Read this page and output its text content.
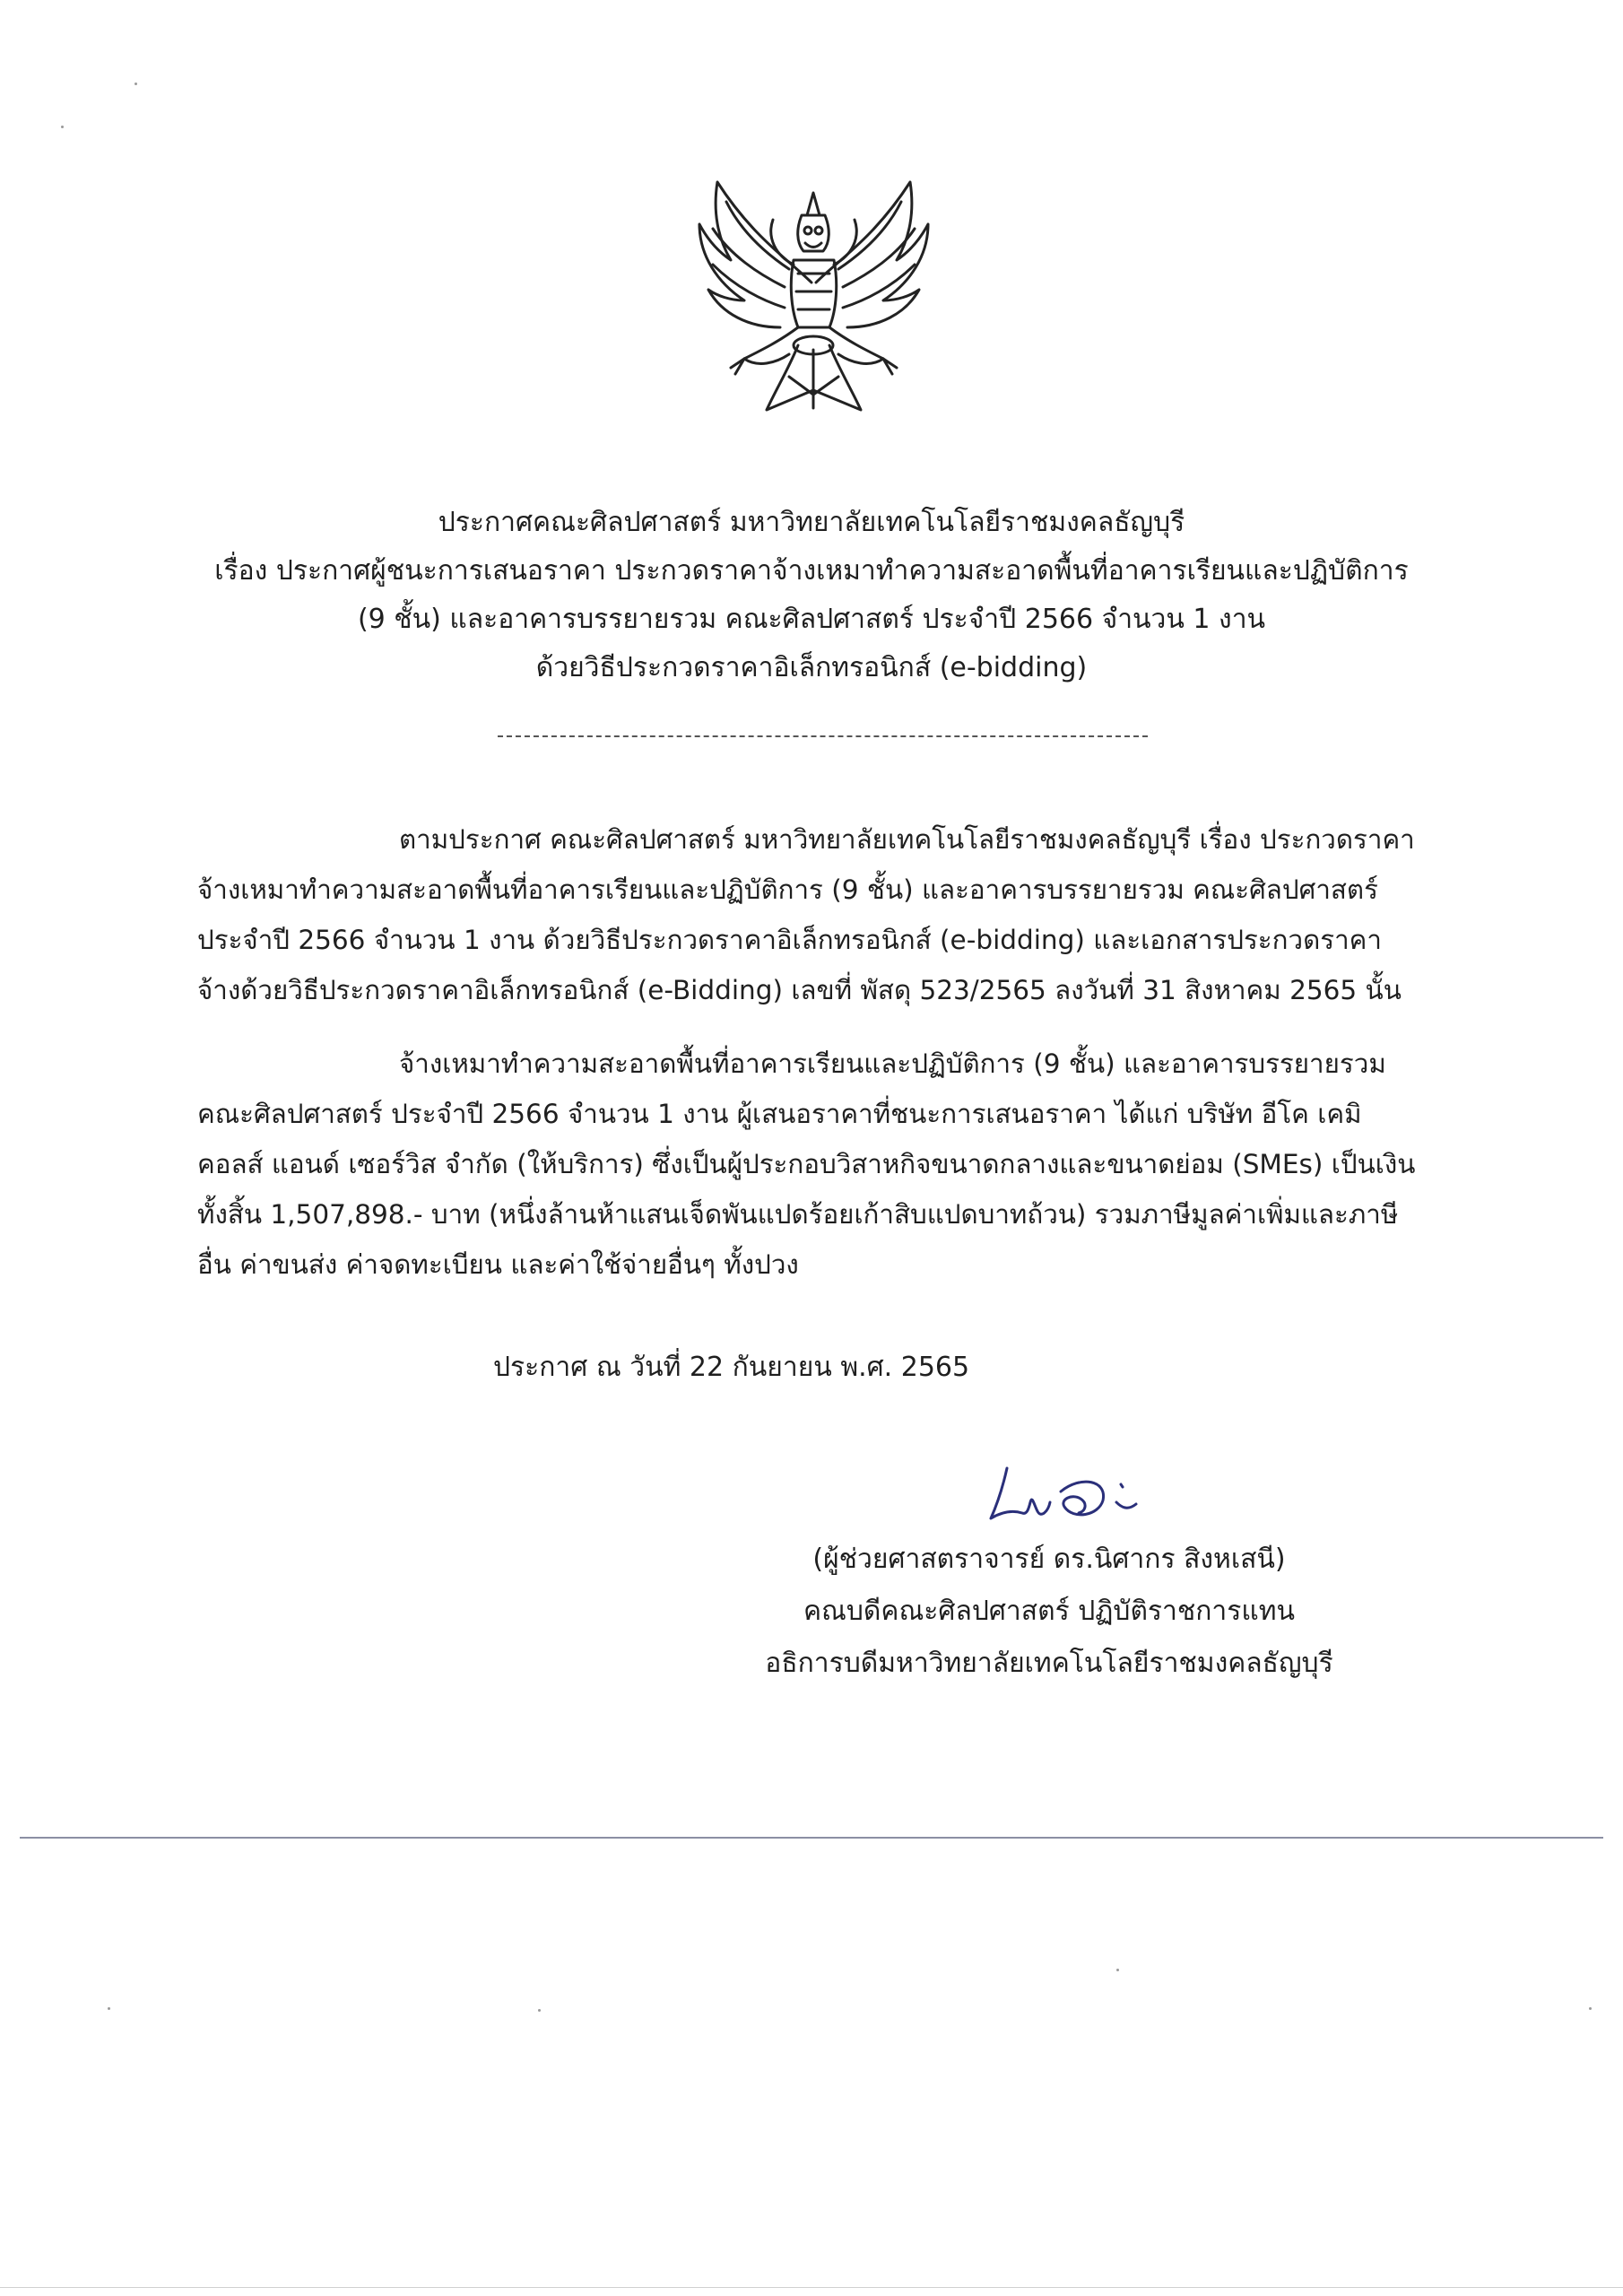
ประกาศคณะศิลปศาสตร์ มหาวิทยาลัยเทคโนโลยีราชมงคลธัญบุรี
เรื่อง ประกาศผู้ชนะการเสนอราคา ประกวดราคาจ้างเหมาทำความสะอาดพื้นที่อาคารเรียนและปฏิบัติการ
(9 ชั้น) และอาคารบรรยายรวม คณะศิลปศาสตร์ ประจำปี 2566 จำนวน 1 งาน
ด้วยวิธีประกวดราคาอิเล็กทรอนิกส์ (e-bidding)
ตามประกาศ คณะศิลปศาสตร์ มหาวิทยาลัยเทคโนโลยีราชมงคลธัญบุรี เรื่อง ประกวดราคา
จ้างเหมาทำความสะอาดพื้นที่อาคารเรียนและปฏิบัติการ (9 ชั้น) และอาคารบรรยายรวม คณะศิลปศาสตร์
ประจำปี 2566 จำนวน 1 งาน ด้วยวิธีประกวดราคาอิเล็กทรอนิกส์ (e-bidding) และเอกสารประกวดราคา
จ้างด้วยวิธีประกวดราคาอิเล็กทรอนิกส์ (e-Bidding) เลขที่ พัสดุ 523/2565 ลงวันที่ 31 สิงหาคม 2565 นั้น
จ้างเหมาทำความสะอาดพื้นที่อาคารเรียนและปฏิบัติการ (9 ชั้น) และอาคารบรรยายรวม
คณะศิลปศาสตร์ ประจำปี 2566 จำนวน 1 งาน ผู้เสนอราคาที่ชนะการเสนอราคา ได้แก่ บริษัท อีโค เคมิ
คอลส์ แอนด์ เซอร์วิส จำกัด (ให้บริการ) ซึ่งเป็นผู้ประกอบวิสาหกิจขนาดกลางและขนาดย่อม (SMEs) เป็นเงิน
ทั้งสิ้น 1,507,898.- บาท (หนึ่งล้านห้าแสนเจ็ดพันแปดร้อยเก้าสิบแปดบาทถ้วน) รวมภาษีมูลค่าเพิ่มและภาษี
อื่น ค่าขนส่ง ค่าจดทะเบียน และค่าใช้จ่ายอื่นๆ ทั้งปวง
ประกาศ ณ วันที่ 22 กันยายน พ.ศ. 2565
(ผู้ช่วยศาสตราจารย์ ดร.นิศากร สิงหเสนี)
คณบดีคณะศิลปศาสตร์ ปฏิบัติราชการแทน
อธิการบดีมหาวิทยาลัยเทคโนโลยีราชมงคลธัญบุรี
